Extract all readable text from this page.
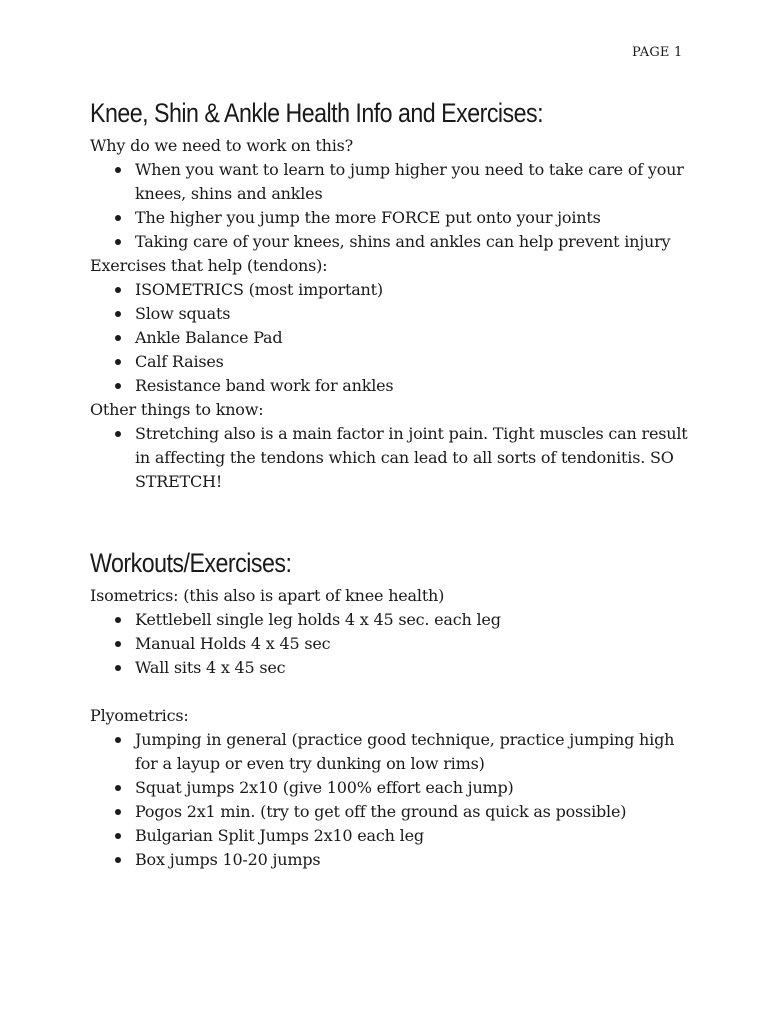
PAGE 1
Knee, Shin & Ankle Health Info and Exercises:

Why do we need to work on this?

When you want to learn to jump higher you need to take care of your knees, shins and ankles
The higher you jump the more FORCE put onto your joints
Taking care of your knees, shins and ankles can help prevent injury

Exercises that help (tendons):

ISOMETRICS (most important)
Slow squats
Ankle Balance Pad
Calf Raises
Resistance band work for ankles

Other things to know:

Stretching also is a main factor in joint pain. Tight muscles can result in affecting the tendons which can lead to all sorts of tendonitis. SO STRETCH!
Workouts/Exercises:

Isometrics: (this also is apart of knee health)

Kettlebell single leg holds 4 x 45 sec. each leg
Manual Holds 4 x 45 sec
Wall sits 4 x 45 sec

Plyometrics:

Jumping in general (practice good technique, practice jumping high for a layup or even try dunking on low rims)
Squat jumps 2x10 (give 100% effort each jump)
Pogos 2x1 min. (try to get off the ground as quick as possible)
Bulgarian Split Jumps 2x10 each leg
Box jumps 10-20 jumps
